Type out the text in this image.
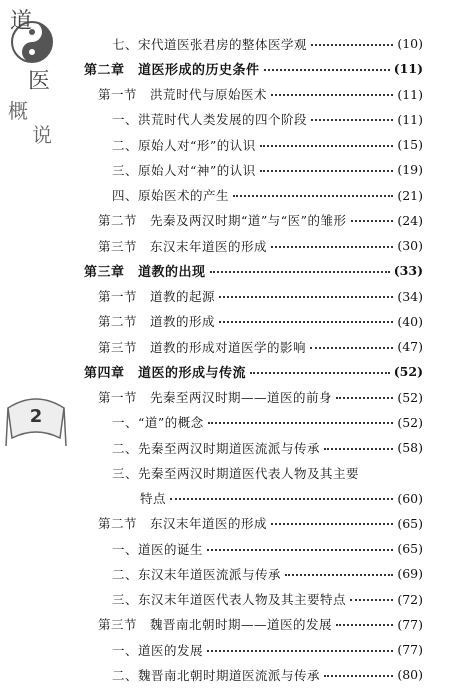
道
医
概
说
2
七、宋代道医张君房的整体医学观	(10)
第二章　道医形成的历史条件	(11)
第一节　洪荒时代与原始医术	(11)
一、洪荒时代人类发展的四个阶段	(11)
二、原始人对“形”的认识	(15)
三、原始人对“神”的认识	(19)
四、原始医术的产生	(21)
第二节　先秦及两汉时期“道”与“医”的雏形	(24)
第三节　东汉末年道医的形成	(30)
第三章　道教的出现	(33)
第一节　道教的起源	(34)
第二节　道教的形成	(40)
第三节　道教的形成对道医学的影响	(47)
第四章　道医的形成与传流	(52)
第一节　先秦至两汉时期——道医的前身	(52)
一、“道”的概念	(52)
二、先秦至两汉时期道医流派与传承	(58)
三、先秦至两汉时期道医代表人物及其主要
特点	(60)
第二节　东汉末年道医的形成	(65)
一、道医的诞生	(65)
二、东汉末年道医流派与传承	(69)
三、东汉末年道医代表人物及其主要特点	(72)
第三节　魏晋南北朝时期——道医的发展	(77)
一、道医的发展	(77)
二、魏晋南北朝时期道医流派与传承	(80)
